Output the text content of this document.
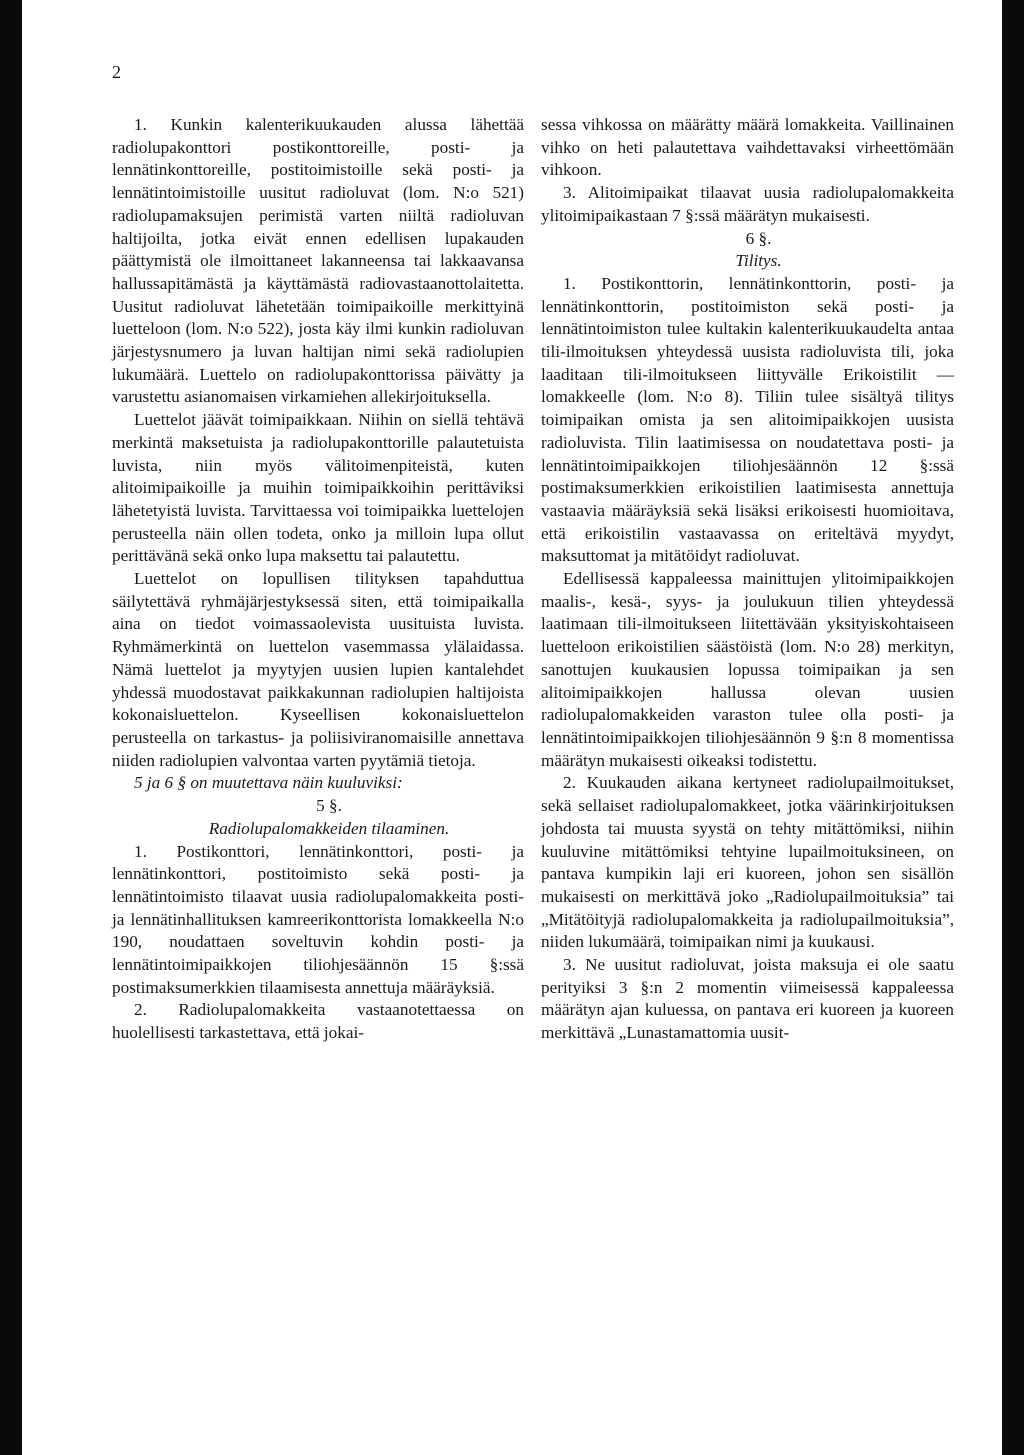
2

1. Kunkin kalenterikuukauden alussa lähettää radiolupakonttori postikonttoreille, posti- ja lennätinkonttoreille, postitoimistoille sekä posti- ja lennätintoimistoille uusitut radioluvat (lom. N:o 521) radiolupamaksujen perimistä varten niiltä radioluvan haltijoilta, jotka eivät ennen edellisen lupakauden päättymistä ole ilmoittaneet lakanneensa tai lakkaavansa hallussapitämästä ja käyttämästä radiovastaanottolaitetta. Uusitut radioluvat lähetetään toimipaikoille merkittyinä luetteloon (lom. N:o 522), josta käy ilmi kunkin radioluvan järjestysnumero ja luvan haltijan nimi sekä radiolupien lukumäärä. Luettelo on radiolupakonttorissa päivätty ja varustettu asianomaisen virkamiehen allekirjoituksella.

Luettelot jäävät toimipaikkaan. Niihin on siellä tehtävä merkintä maksetuista ja radiolupakonttorille palautetuista luvista, niin myös välitoimenpiteistä, kuten alitoimipaikoille ja muihin toimipaikkoihin perittäviksi lähetetyistä luvista. Tarvittaessa voi toimipaikka luettelojen perusteella näin ollen todeta, onko ja milloin lupa ollut perittävänä sekä onko lupa maksettu tai palautettu.

Luettelot on lopullisen tilityksen tapahduttua säilytettävä ryhmäjärjestyksessä siten, että toimipaikalla aina on tiedot voimassaolevista uusituista luvista. Ryhmämerkintä on luettelon vasemmassa ylälaidassa. Nämä luettelot ja myytyjen uusien lupien kantalehdet yhdessä muodostavat paikkakunnan radiolupien haltijoista kokonaisluettelon. Kyseellisen kokonaisluettelon perusteella on tarkastus- ja poliisiviranomaisille annettava niiden radiolupien valvontaa varten pyytämiä tietoja.

5 ja 6 § on muutettava näin kuuluviksi:

5 §.

Radiolupalomakkeiden tilaaminen.

1. Postikonttori, lennätinkonttori, posti- ja lennätinkonttori, postitoimisto sekä posti- ja lennätintoimisto tilaavat uusia radiolupalomakkeita posti- ja lennätinhallituksen kamreerikonttorista lomakkeella N:o 190, noudattaen soveltuvin kohdin posti- ja lennätintoimipaikkojen tiliohjesäännön 15 §:ssä postimaksumerkkien tilaamisesta annettuja määräyksiä.

2. Radiolupalomakkeita vastaanotettaessa on huolellisesti tarkastettava, että jokai-

sessa vihkossa on määrätty määrä lomakkeita. Vaillinainen vihko on heti palautettava vaihdettavaksi virheettömään vihkoon.

3. Alitoimipaikat tilaavat uusia radiolupalomakkeita ylitoimipaikastaan 7 §:ssä määrätyn mukaisesti.

6 §.

Tilitys.

1. Postikonttorin, lennätinkonttorin, posti- ja lennätinkonttorin, postitoimiston sekä posti- ja lennätintoimiston tulee kultakin kalenterikuukaudelta antaa tili-ilmoituksen yhteydessä uusista radioluvista tili, joka laaditaan tili-ilmoitukseen liittyvälle Erikoistilit — lomakkeelle (lom. N:o 8). Tiliin tulee sisältyä tilitys toimipaikan omista ja sen alitoimipaikkojen uusista radioluvista. Tilin laatimisessa on noudatettava posti- ja lennätintoimipaikkojen tiliohjesäännön 12 §:ssä postimaksumerkkien erikoistilien laatimisesta annettuja vastaavia määräyksiä sekä lisäksi erikoisesti huomioitava, että erikoistilin vastaavassa on eriteltävä myydyt, maksuttomat ja mitätöidyt radioluvat.

Edellisessä kappaleessa mainittujen ylitoimipaikkojen maalis-, kesä-, syys- ja joulukuun tilien yhteydessä laatimaan tili-ilmoitukseen liitettävään yksityiskohtaiseen luetteloon erikoistilien säästöistä (lom. N:o 28) merkityn, sanottujen kuukausien lopussa toimipaikan ja sen alitoimipaikkojen hallussa olevan uusien radiolupalomakkeiden varaston tulee olla posti- ja lennätintoimipaikkojen tiliohjesäännön 9 §:n 8 momentissa määrätyn mukaisesti oikeaksi todistettu.

2. Kuukauden aikana kertyneet radiolupailmoitukset, sekä sellaiset radiolupalomakkeet, jotka väärinkirjoituksen johdosta tai muusta syystä on tehty mitättömiksi, niihin kuuluvine mitättömiksi tehtyine lupailmoituksineen, on pantava kumpikin laji eri kuoreen, johon sen sisällön mukaisesti on merkittävä joko „Radiolupailmoituksia” tai „Mitätöityjä radiolupalomakkeita ja radiolupailmoituksia”, niiden lukumäärä, toimipaikan nimi ja kuukausi.

3. Ne uusitut radioluvat, joista maksuja ei ole saatu perityiksi 3 §:n 2 momentin viimeisessä kappaleessa määrätyn ajan kuluessa, on pantava eri kuoreen ja kuoreen merkittävä „Lunastamattomia uusit-
